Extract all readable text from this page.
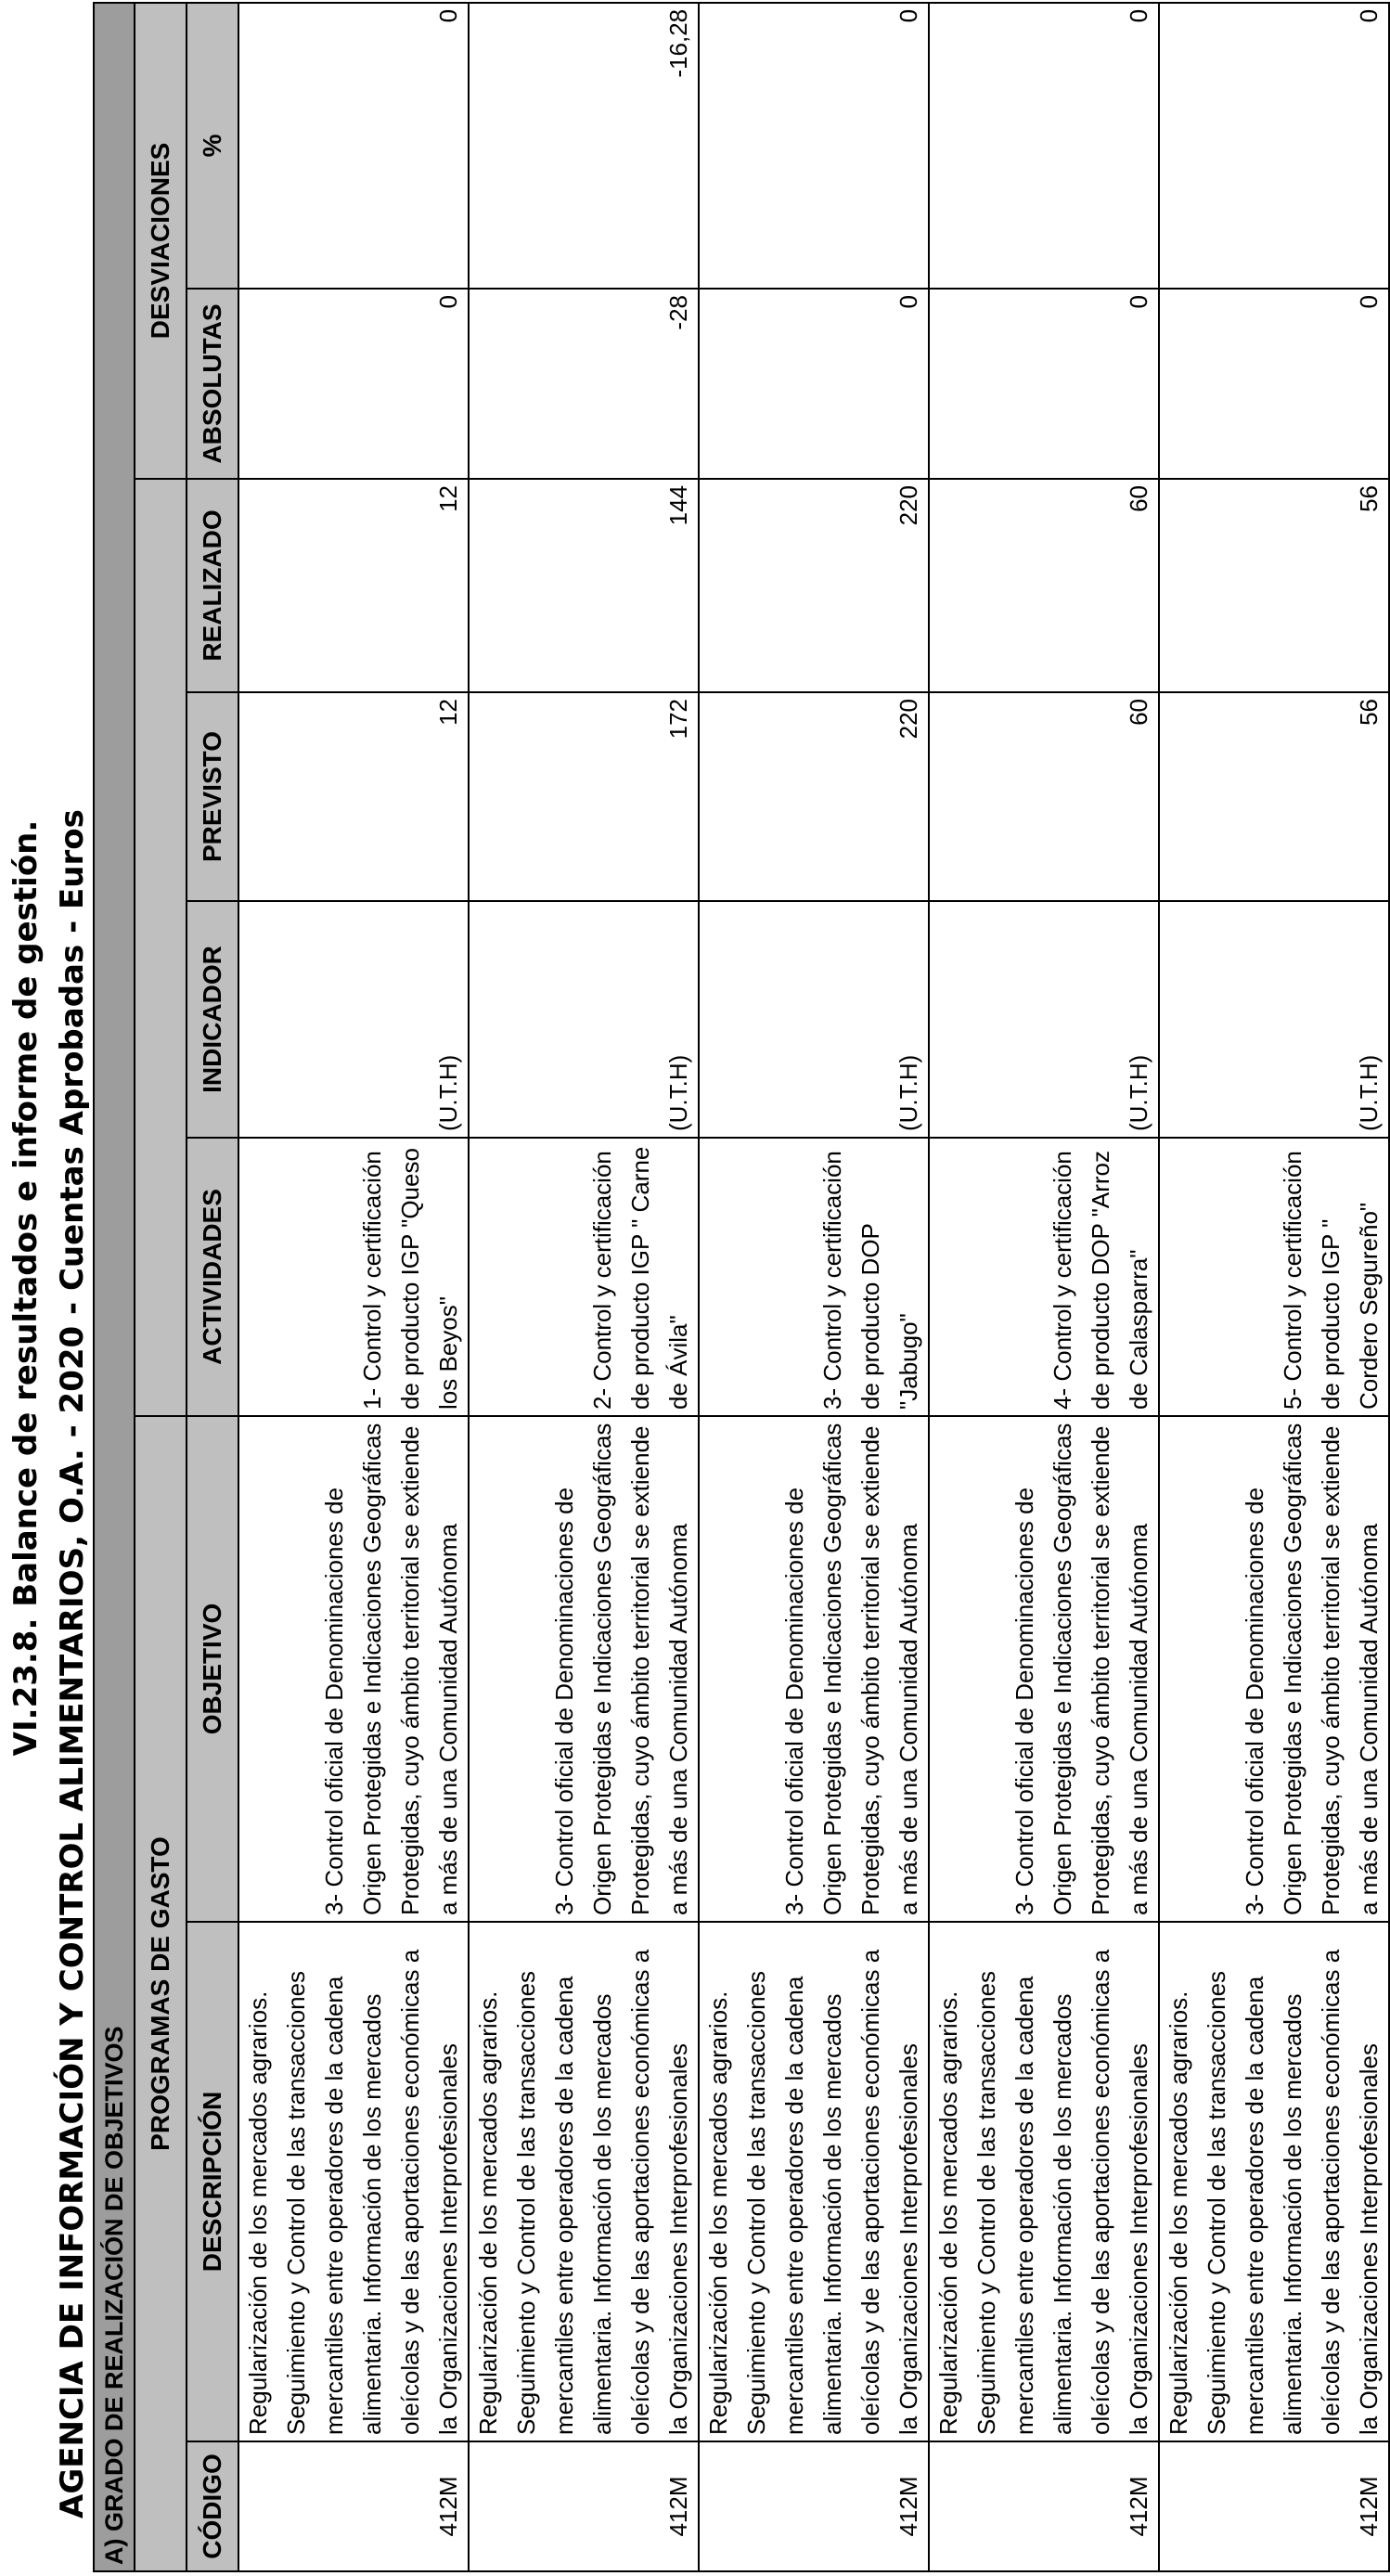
VI.23.8. Balance de resultados e informe de gestión. AGENCIA DE INFORMACIÓN Y CONTROL ALIMENTARIOS, O.A. - 2020 - Cuentas Aprobadas - Euros A) GRADO DE REALIZACIÓN DE OBJETIVOS								
PROGRAMAS DE GASTO							DESVIACIONES	
CÓDIGO	DESCRIPCIÓN	OBJETIVO	ACTIVIDADES	INDICADOR	PREVISTO	REALIZADO	ABSOLUTAS	%
412M	Regularización de los mercados agrarios. Seguimiento y Control de las transacciones mercantiles entre operadores de la cadena alimentaria. Información de los mercados oleícolas y de las aportaciones económicas a la Organizaciones Interprofesionales	3- Control oficial de Denominaciones de Origen Protegidas e Indicaciones Geográficas Protegidas, cuyo ámbito territorial se extiende a más de una Comunidad Autónoma	1- Control y certificación de producto IGP "Queso los Beyos"	(U.T.H)	12	12	0	0
412M	Regularización de los mercados agrarios. Seguimiento y Control de las transacciones mercantiles entre operadores de la cadena alimentaria. Información de los mercados oleícolas y de las aportaciones económicas a la Organizaciones Interprofesionales	3- Control oficial de Denominaciones de Origen Protegidas e Indicaciones Geográficas Protegidas, cuyo ámbito territorial se extiende a más de una Comunidad Autónoma	2- Control y certificación de producto IGP " Carne de Ávila"	(U.T.H)	172	144	-28	-16,28
412M	Regularización de los mercados agrarios. Seguimiento y Control de las transacciones mercantiles entre operadores de la cadena alimentaria. Información de los mercados oleícolas y de las aportaciones económicas a la Organizaciones Interprofesionales	3- Control oficial de Denominaciones de Origen Protegidas e Indicaciones Geográficas Protegidas, cuyo ámbito territorial se extiende a más de una Comunidad Autónoma	3- Control y certificación de producto DOP "Jabugo"	(U.T.H)	220	220	0	0
412M	Regularización de los mercados agrarios. Seguimiento y Control de las transacciones mercantiles entre operadores de la cadena alimentaria. Información de los mercados oleícolas y de las aportaciones económicas a la Organizaciones Interprofesionales	3- Control oficial de Denominaciones de Origen Protegidas e Indicaciones Geográficas Protegidas, cuyo ámbito territorial se extiende a más de una Comunidad Autónoma	4- Control y certificación de producto DOP "Arroz de Calasparra"	(U.T.H)	60	60	0	0
412M	Regularización de los mercados agrarios. Seguimiento y Control de las transacciones mercantiles entre operadores de la cadena alimentaria. Información de los mercados oleícolas y de las aportaciones económicas a la Organizaciones Interprofesionales	3- Control oficial de Denominaciones de Origen Protegidas e Indicaciones Geográficas Protegidas, cuyo ámbito territorial se extiende a más de una Comunidad Autónoma	5- Control y certificación de producto IGP " Cordero Segureño"	(U.T.H)	56	56	0	0
